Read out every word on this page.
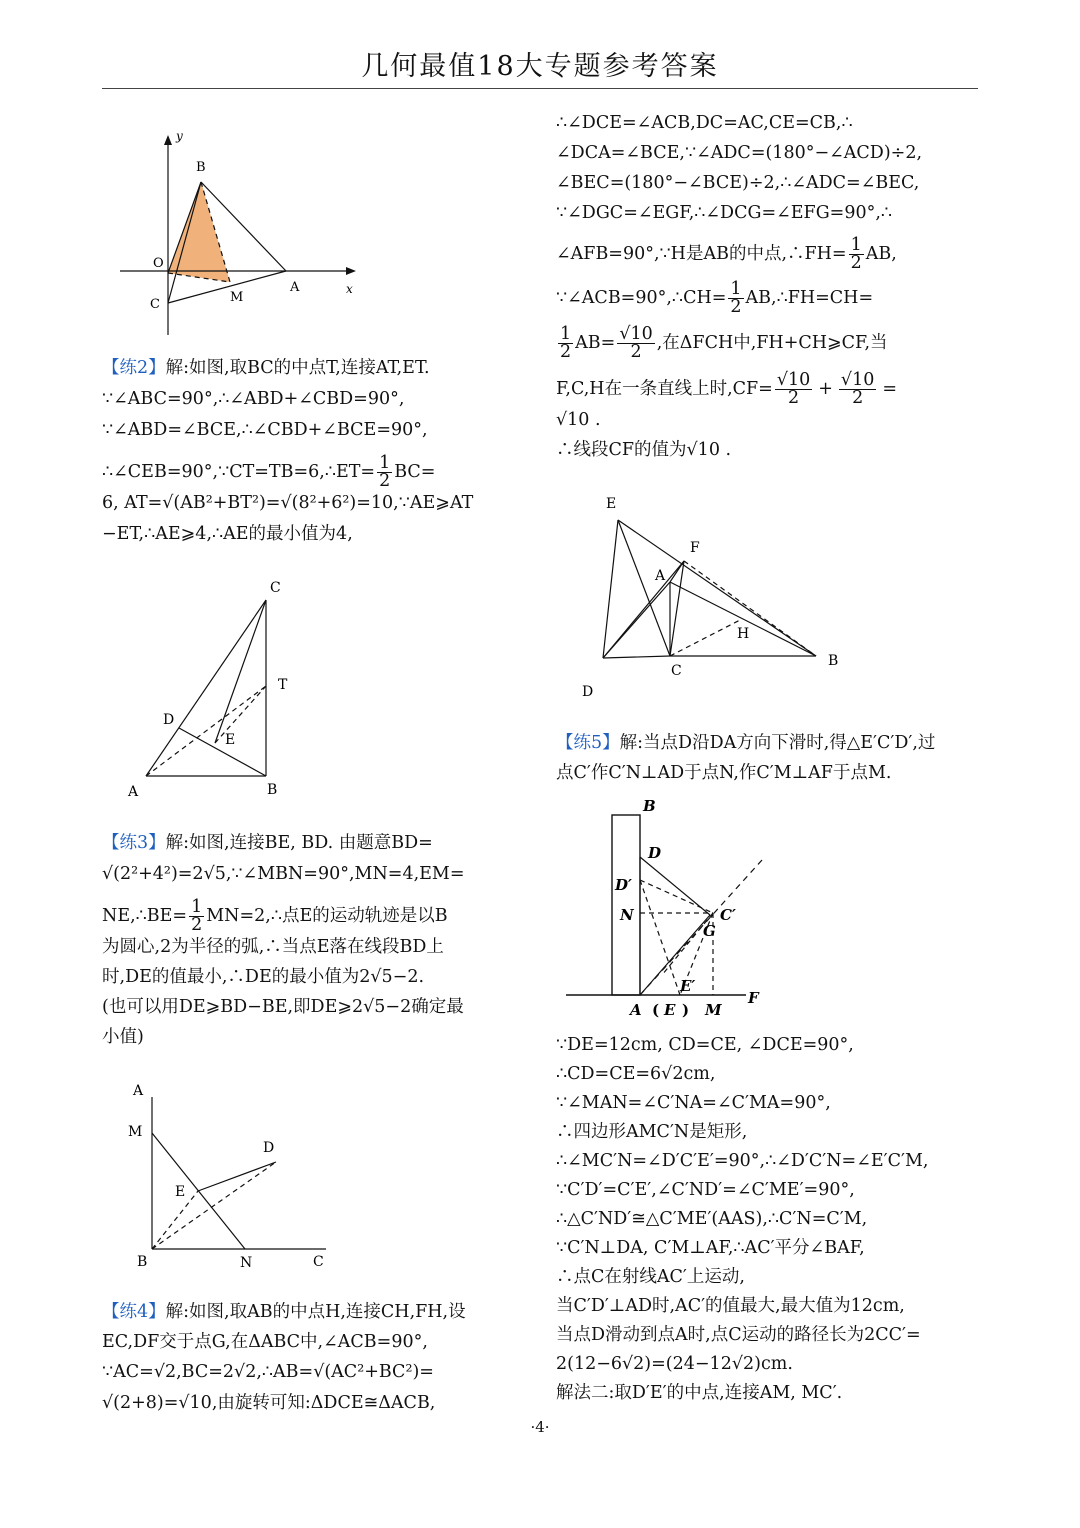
几何最值18大专题参考答案
y
B
O
C	M
A	x
【练2】解:如图,取BC的中点T,连接AT,ET.
∵∠ABC=90°,∴∠ABD+∠CBD=90°,
∵∠ABD=∠BCE,∴∠CBD+∠BCE=90°,
∴∠CEB=90°,∵CT=TB=6,∴ET= $\frac{1}{2} BC=$
6, AT=√(AB²+BT²)=√(8²+6²)=10,∵AE⩾AT
−ET,∴AE⩾4,∴AE的最小值为4,
C
T
D
E
A	B
【练3】解:如图,连接BE, BD. 由题意BD=
√(2²+4²)=2√5,∵∠MBN=90°,MN=4,EM=
NE,∴BE= $\frac{1}{2}$ MN=2,∴点E的运动轨迹是以B
为圆心,2为半径的弧,∴当点E落在线段BD上
时,DE的值最小,∴DE的最小值为2√5−2.
(也可以用DE⩾BD−BE,即DE⩾2√5−2确定最
小值)
A
M
D
E
B	N	C
【练4】解:如图,取AB的中点H,连接CH,FH,设
EC,DF交于点G,在ΔABC中,∠ACB=90°,
∵AC=√2,BC=2√2,∴AB=√(AC²+BC²)=
√(2+8)=√10,由旋转可知:ΔDCE≅ΔACB,
∴∠DCE=∠ACB,DC=AC,CE=CB,∴
∠DCA=∠BCE,∵∠ADC=(180°−∠ACD)÷2,
∠BEC=(180°−∠BCE)÷2,∴∠ADC=∠BEC,
∵∠DGC=∠EGF,∴∠DCG=∠EFG=90°,∴
∠AFB=90°,∵H是AB的中点,∴FH= $\frac{1}{2}$ AB,
∵∠ACB=90°,∴CH= $\frac{1}{2}$ AB,∴FH=CH=
$\frac{1}{2} AB= \frac{√10}{2}$ ,在ΔFCH中,FH+CH⩾CF,当
F,C,H在一条直线上时$,CF= \frac{√10}{2} + \frac{√10}{2}$ =
√10 .
∴线段CF的值为√10 .
E
F
A
H
C
B
D
【练5】解:当点D沿DA方向下滑时,得△E′C′D′,过
点C′作C′N⊥AD于点N,作C′M⊥AF于点M.
B
D
D′
N	C′
G
E′
A ( E ) M
F
∵DE=12cm, CD=CE, ∠DCE=90°,
∴CD=CE=6√2cm,
∵∠MAN=∠C′NA=∠C′MA=90°,
∴四边形AMC′N是矩形,
∴∠MC′N=∠D′C′E′=90°,∴∠D′C′N=∠E′C′M,
∵C′D′=C′E′,∠C′ND′=∠C′ME′=90°,
∴△C′ND′≅△C′ME′(AAS),∴C′N=C′M,
∵C′N⊥DA, C′M⊥AF,∴AC′平分∠BAF,
∴点C在射线AC′上运动,
当C′D′⊥AD时,AC′的值最大,最大值为12cm,
当点D滑动到点A时,点C运动的路径长为2CC′=
2(12−6√2)=(24−12√2)cm.
解法二:取D′E′的中点,连接AM, MC′.
·4·
